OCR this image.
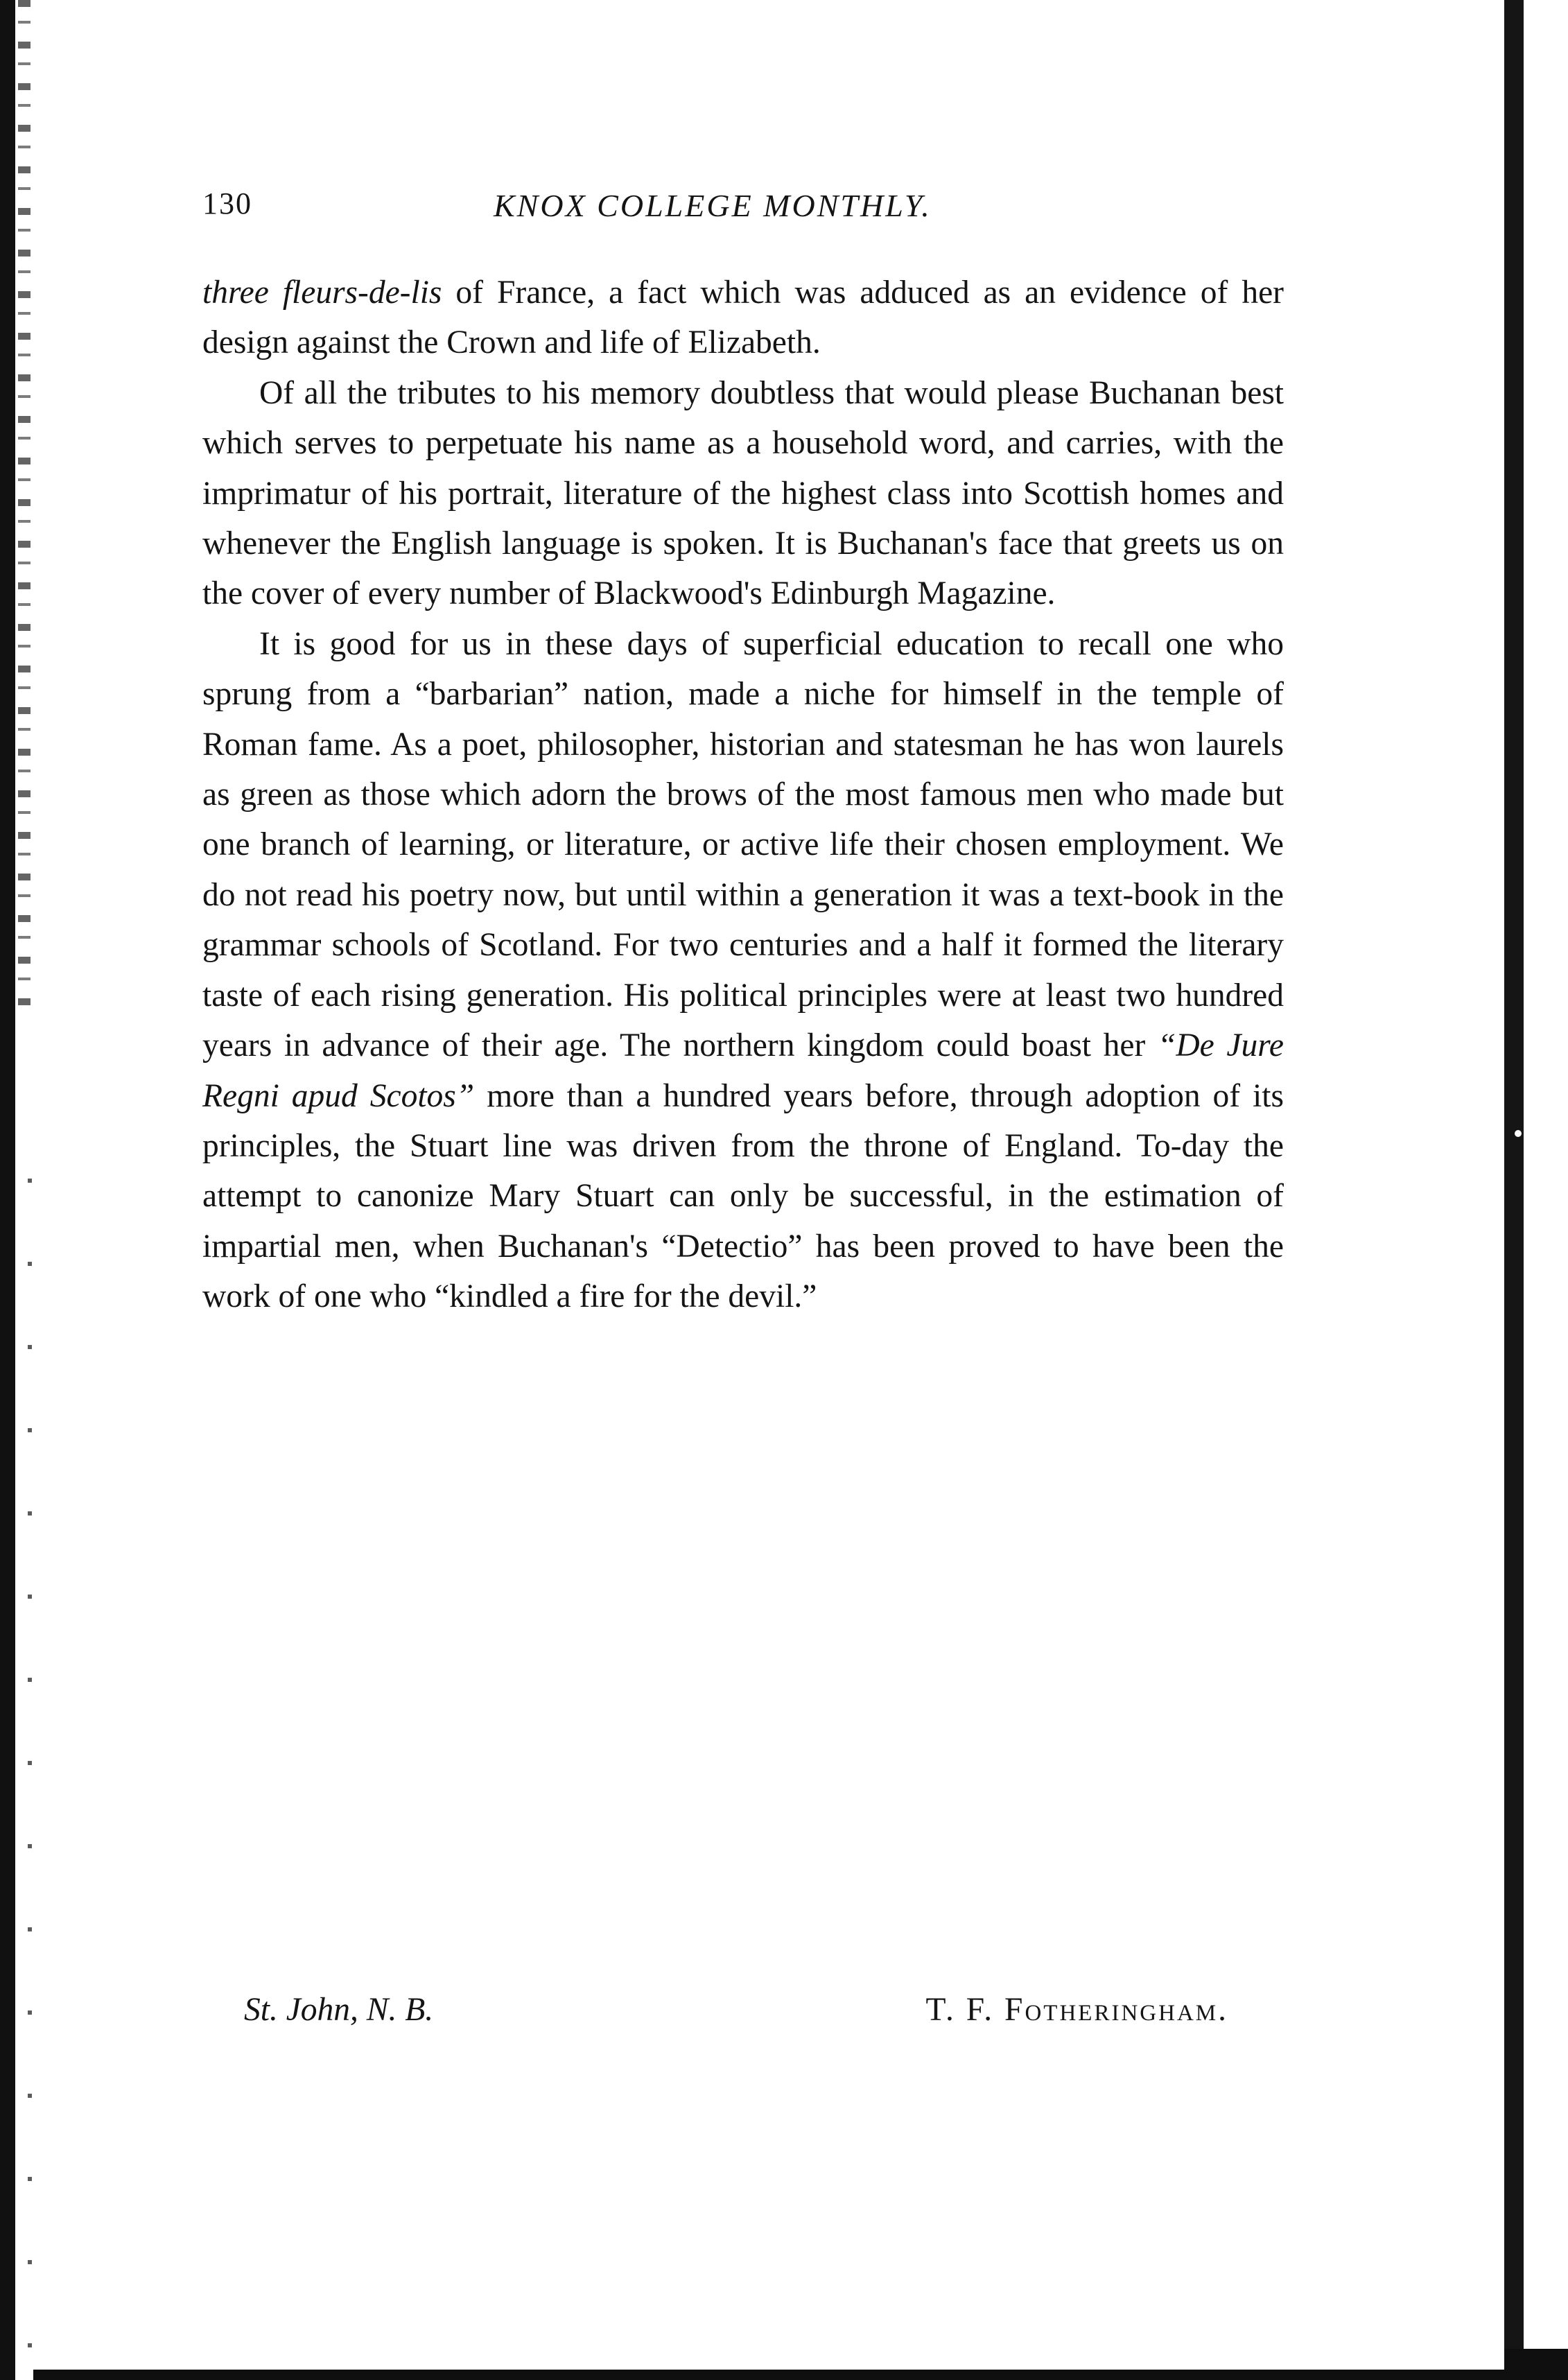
130	KNOX COLLEGE MONTHLY.

three fleurs-de-lis of France, a fact which was adduced as an evidence of her design against the Crown and life of Elizabeth.

Of all the tributes to his memory doubtless that would please Buchanan best which serves to perpetuate his name as a household word, and carries, with the imprimatur of his portrait, literature of the highest class into Scottish homes and whenever the English language is spoken. It is Buchanan's face that greets us on the cover of every number of Blackwood's Edinburgh Magazine.

It is good for us in these days of superficial education to recall one who sprung from a “barbarian” nation, made a niche for himself in the temple of Roman fame. As a poet, philosopher, historian and statesman he has won laurels as green as those which adorn the brows of the most famous men who made but one branch of learning, or literature, or active life their chosen employment. We do not read his poetry now, but until within a generation it was a text-book in the grammar schools of Scotland. For two centuries and a half it formed the literary taste of each rising generation. His political principles were at least two hundred years in advance of their age. The northern kingdom could boast her “De Jure Regni apud Scotos” more than a hundred years before, through adoption of its principles, the Stuart line was driven from the throne of England. To-day the attempt to canonize Mary Stuart can only be successful, in the estimation of impartial men, when Buchanan's “Detectio” has been proved to have been the work of one who “kindled a fire for the devil.”

St. John, N. B.	T. F. Fotheringham.
